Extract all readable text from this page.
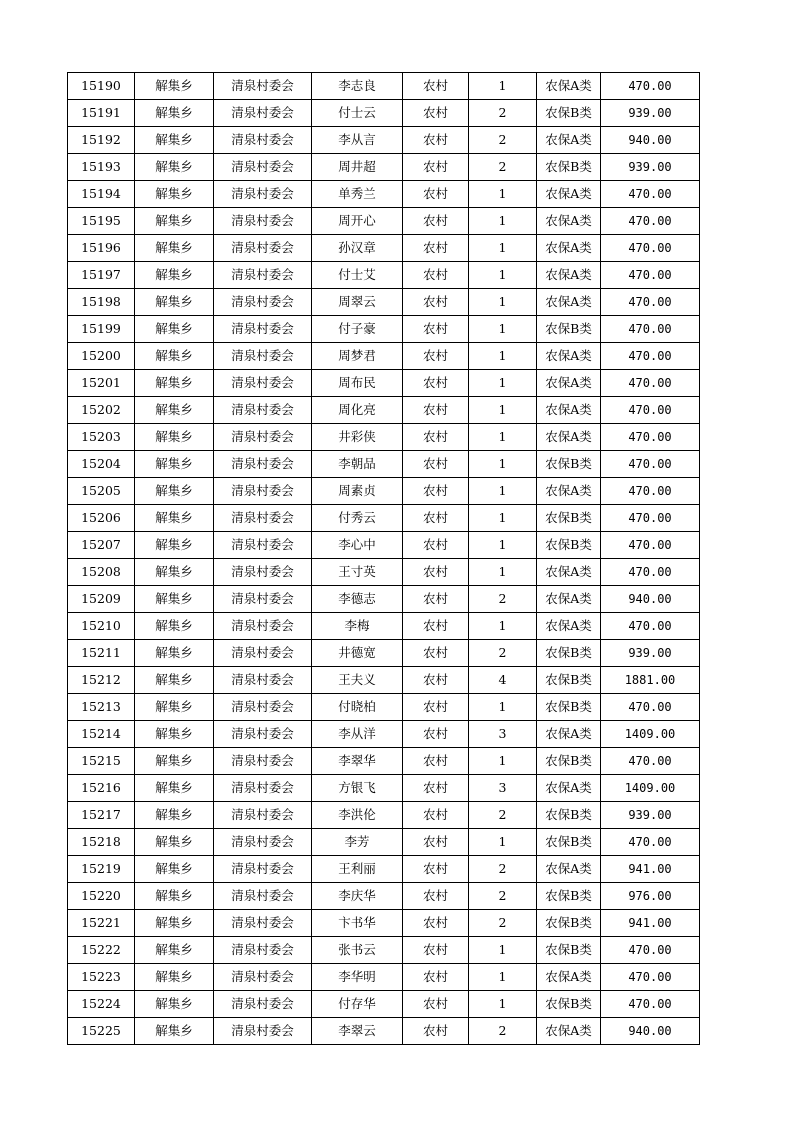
15190	解集乡	清泉村委会	李志良	农村	1	农保A类	470.00
15191	解集乡	清泉村委会	付士云	农村	2	农保B类	939.00
15192	解集乡	清泉村委会	李从言	农村	2	农保A类	940.00
15193	解集乡	清泉村委会	周井超	农村	2	农保B类	939.00
15194	解集乡	清泉村委会	单秀兰	农村	1	农保A类	470.00
15195	解集乡	清泉村委会	周开心	农村	1	农保A类	470.00
15196	解集乡	清泉村委会	孙汉章	农村	1	农保A类	470.00
15197	解集乡	清泉村委会	付士艾	农村	1	农保A类	470.00
15198	解集乡	清泉村委会	周翠云	农村	1	农保A类	470.00
15199	解集乡	清泉村委会	付子豪	农村	1	农保B类	470.00
15200	解集乡	清泉村委会	周梦君	农村	1	农保A类	470.00
15201	解集乡	清泉村委会	周布民	农村	1	农保A类	470.00
15202	解集乡	清泉村委会	周化亮	农村	1	农保A类	470.00
15203	解集乡	清泉村委会	井彩侠	农村	1	农保A类	470.00
15204	解集乡	清泉村委会	李朝品	农村	1	农保B类	470.00
15205	解集乡	清泉村委会	周素贞	农村	1	农保A类	470.00
15206	解集乡	清泉村委会	付秀云	农村	1	农保B类	470.00
15207	解集乡	清泉村委会	李心中	农村	1	农保B类	470.00
15208	解集乡	清泉村委会	王寸英	农村	1	农保A类	470.00
15209	解集乡	清泉村委会	李德志	农村	2	农保A类	940.00
15210	解集乡	清泉村委会	李梅	农村	1	农保A类	470.00
15211	解集乡	清泉村委会	井德宽	农村	2	农保B类	939.00
15212	解集乡	清泉村委会	王夫义	农村	4	农保B类	1881.00
15213	解集乡	清泉村委会	付晓柏	农村	1	农保B类	470.00
15214	解集乡	清泉村委会	李从洋	农村	3	农保A类	1409.00
15215	解集乡	清泉村委会	李翠华	农村	1	农保B类	470.00
15216	解集乡	清泉村委会	方银飞	农村	3	农保A类	1409.00
15217	解集乡	清泉村委会	李洪伦	农村	2	农保B类	939.00
15218	解集乡	清泉村委会	李芳	农村	1	农保B类	470.00
15219	解集乡	清泉村委会	王利丽	农村	2	农保A类	941.00
15220	解集乡	清泉村委会	李庆华	农村	2	农保B类	976.00
15221	解集乡	清泉村委会	卞书华	农村	2	农保B类	941.00
15222	解集乡	清泉村委会	张书云	农村	1	农保B类	470.00
15223	解集乡	清泉村委会	李华明	农村	1	农保A类	470.00
15224	解集乡	清泉村委会	付存华	农村	1	农保B类	470.00
15225	解集乡	清泉村委会	李翠云	农村	2	农保A类	940.00
